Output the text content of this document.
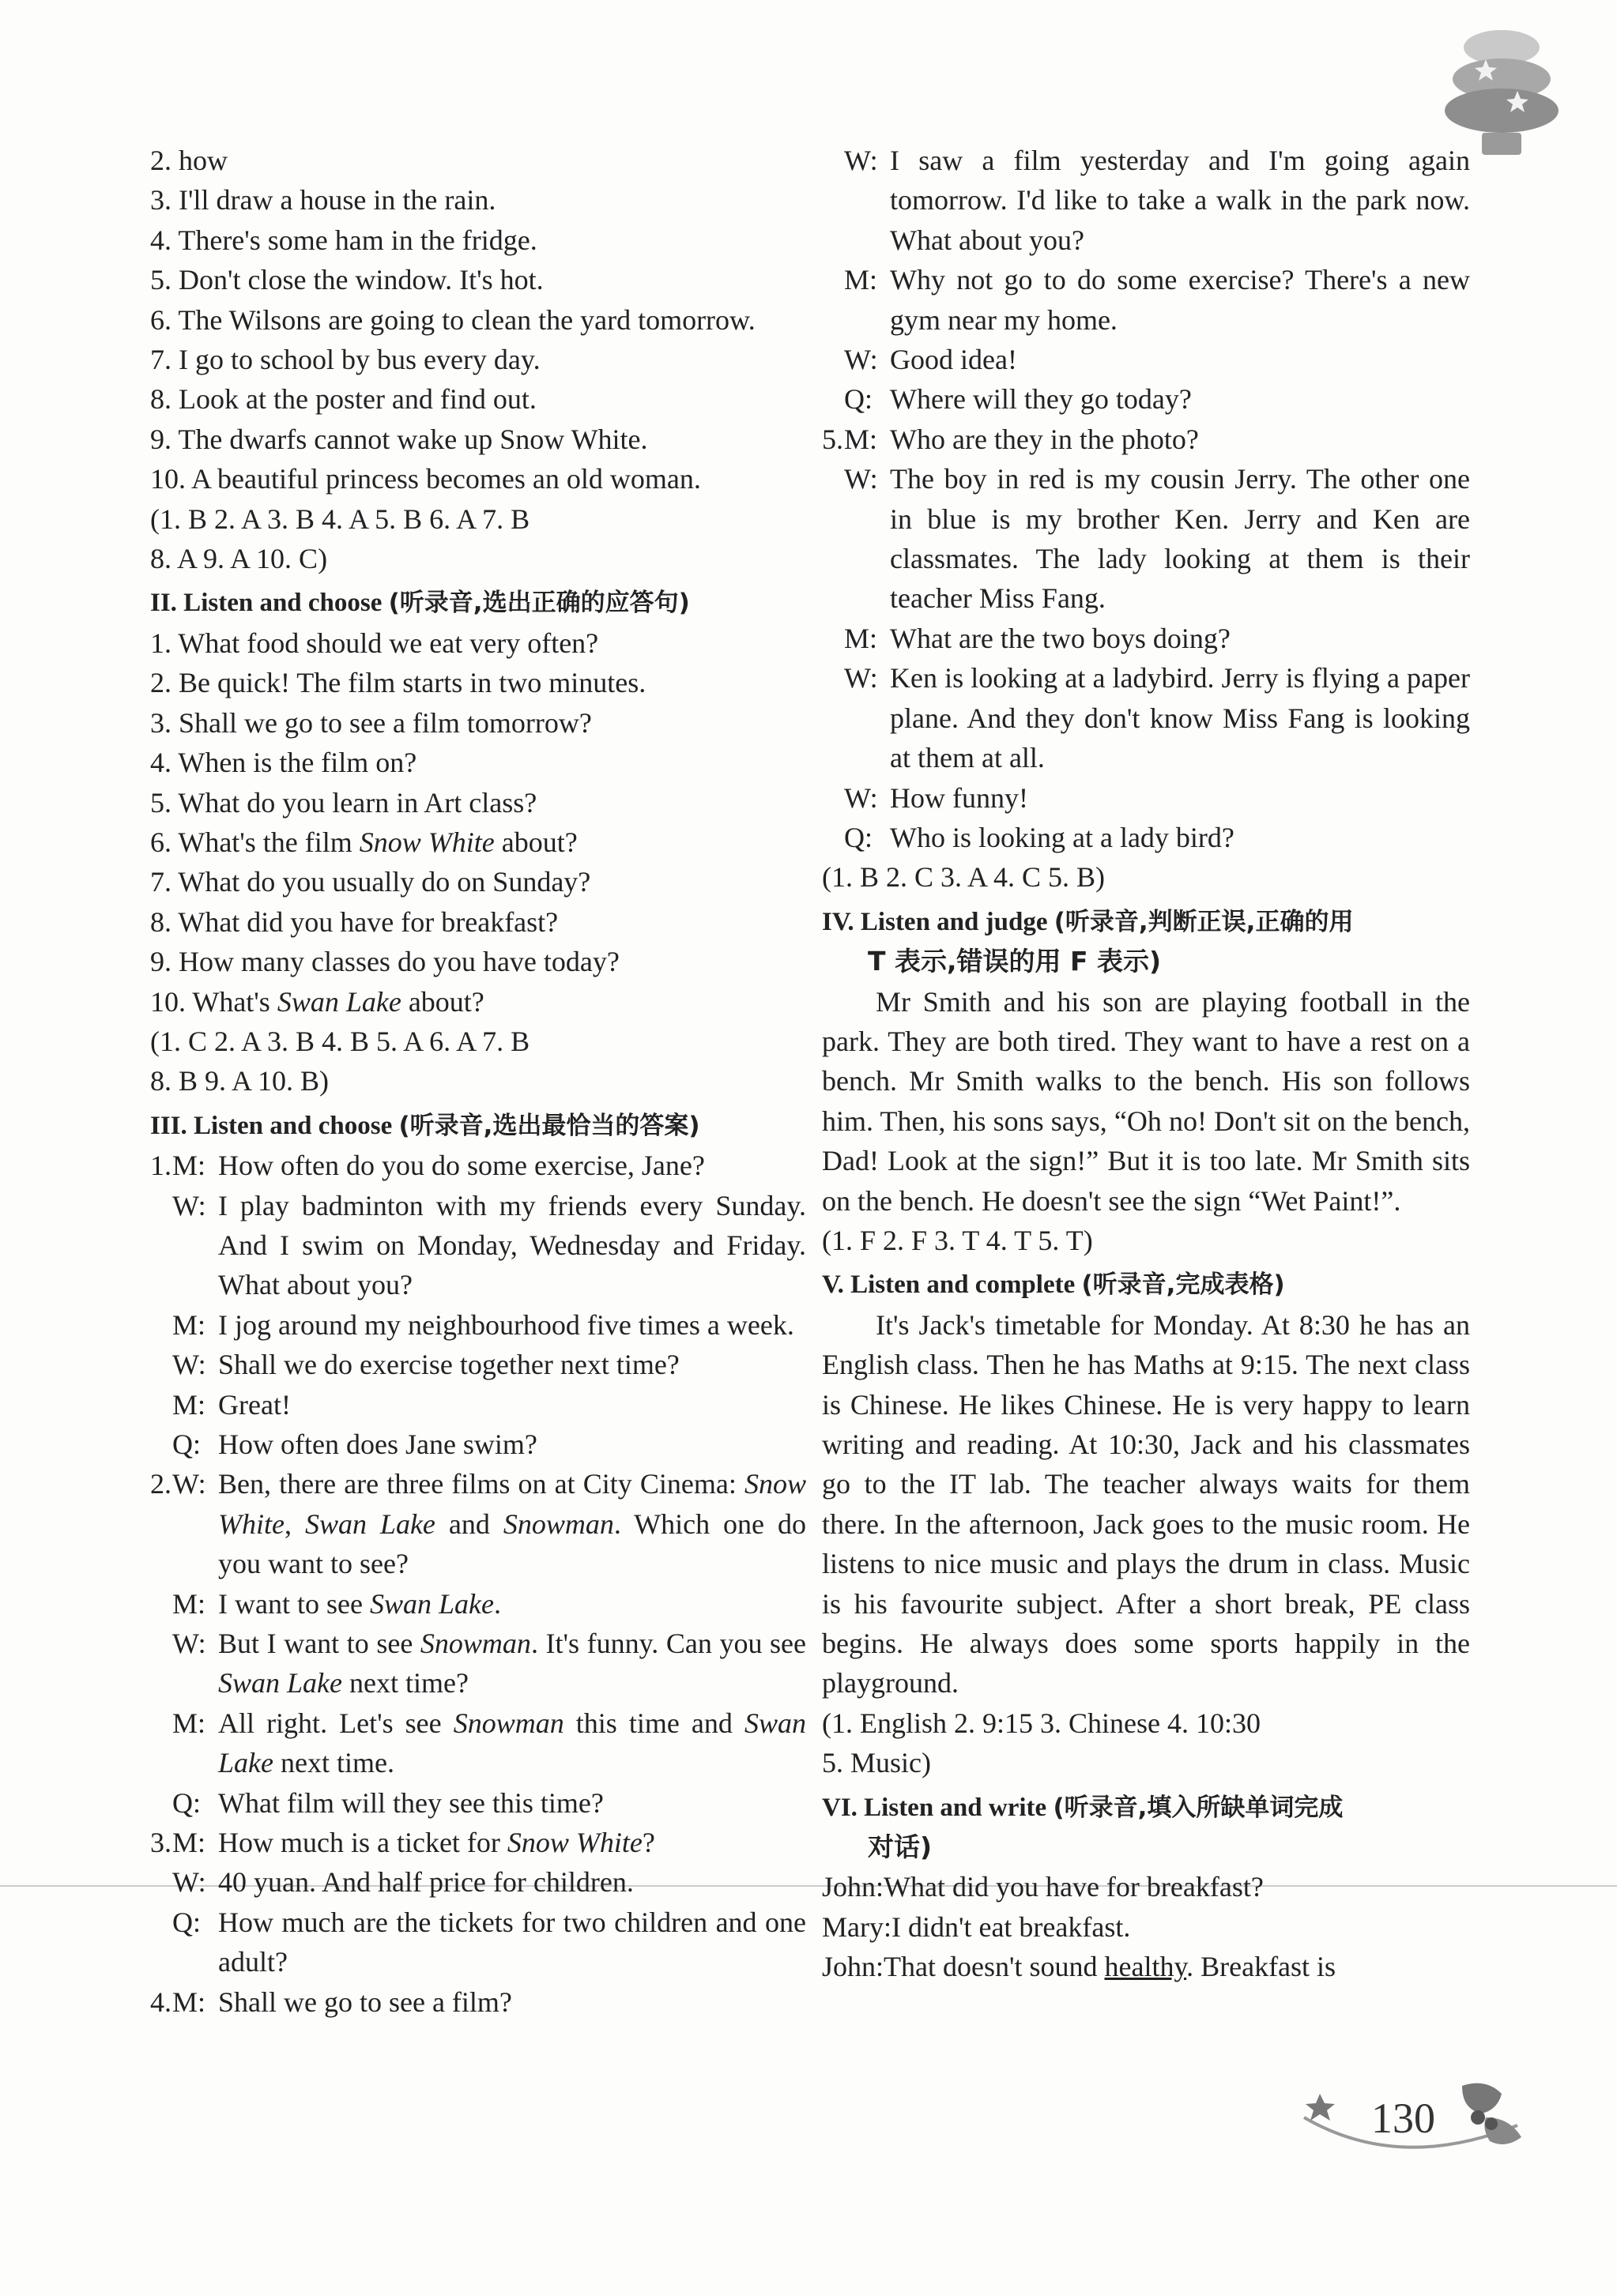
2. how
3. I'll draw a house in the rain.
4. There's some ham in the fridge.
5. Don't close the window. It's hot.
6. The Wilsons are going to clean the yard tomorrow.
7. I go to school by bus every day.
8. Look at the poster and find out.
9. The dwarfs cannot wake up Snow White.
10. A beautiful princess becomes an old woman.
(1. B 2. A 3. B 4. A 5. B 6. A 7. B
8. A 9. A 10. C)
II. Listen and choose (听录音,选出正确的应答句)
1. What food should we eat very often?
2. Be quick! The film starts in two minutes.
3. Shall we go to see a film tomorrow?
4. When is the film on?
5. What do you learn in Art class?
6. What's the film Snow White about?
7. What do you usually do on Sunday?
8. What did you have for breakfast?
9. How many classes do you have today?
10. What's Swan Lake about?
(1. C 2. A 3. B 4. B 5. A 6. A 7. B
8. B 9. A 10. B)
III. Listen and choose (听录音,选出最恰当的答案)
1. M: How often do you do some exercise, Jane?
W: I play badminton with my friends every Sunday. And I swim on Monday, Wednesday and Friday. What about you?
M: I jog around my neighbourhood five times a week.
W: Shall we do exercise together next time?
M: Great!
Q: How often does Jane swim?
2. W: Ben, there are three films on at City Cinema: Snow White, Swan Lake and Snowman. Which one do you want to see?
M: I want to see Swan Lake.
W: But I want to see Snowman. It's funny. Can you see Swan Lake next time?
M: All right. Let's see Snowman this time and Swan Lake next time.
Q: What film will they see this time?
3. M: How much is a ticket for Snow White?
W: 40 yuan. And half price for children.
Q: How much are the tickets for two children and one adult?
4. M: Shall we go to see a film?
W: I saw a film yesterday and I'm going again tomorrow. I'd like to take a walk in the park now. What about you?
M: Why not go to do some exercise? There's a new gym near my home.
W: Good idea!
Q: Where will they go today?
5. M: Who are they in the photo?
W: The boy in red is my cousin Jerry. The other one in blue is my brother Ken. Jerry and Ken are classmates. The lady looking at them is their teacher Miss Fang.
M: What are the two boys doing?
W: Ken is looking at a ladybird. Jerry is flying a paper plane. And they don't know Miss Fang is looking at them at all.
W: How funny!
Q: Who is looking at a lady bird?
(1. B 2. C 3. A 4. C 5. B)
IV. Listen and judge (听录音,判断正误,正确的用
T 表示,错误的用 F 表示)
Mr Smith and his son are playing football in the park. They are both tired. They want to have a rest on a bench. Mr Smith walks to the bench. His son follows him. Then, his sons says, “Oh no! Don't sit on the bench, Dad! Look at the sign!” But it is too late. Mr Smith sits on the bench. He doesn't see the sign “Wet Paint!”.
(1. F 2. F 3. T 4. T 5. T)
V. Listen and complete (听录音,完成表格)
It's Jack's timetable for Monday. At 8:30 he has an English class. Then he has Maths at 9:15. The next class is Chinese. He likes Chinese. He is very happy to learn writing and reading. At 10:30, Jack and his classmates go to the IT lab. The teacher always waits for them there. In the afternoon, Jack goes to the music room. He listens to nice music and plays the drum in class. Music is his favourite subject. After a short break, PE class begins. He always does some sports happily in the playground.
(1. English 2. 9:15 3. Chinese 4. 10:30
5. Music)
VI. Listen and write (听录音,填入所缺单词完成
对话)
John:What did you have for breakfast?
Mary:I didn't eat breakfast.
John:That doesn't sound healthy. Breakfast is
130
